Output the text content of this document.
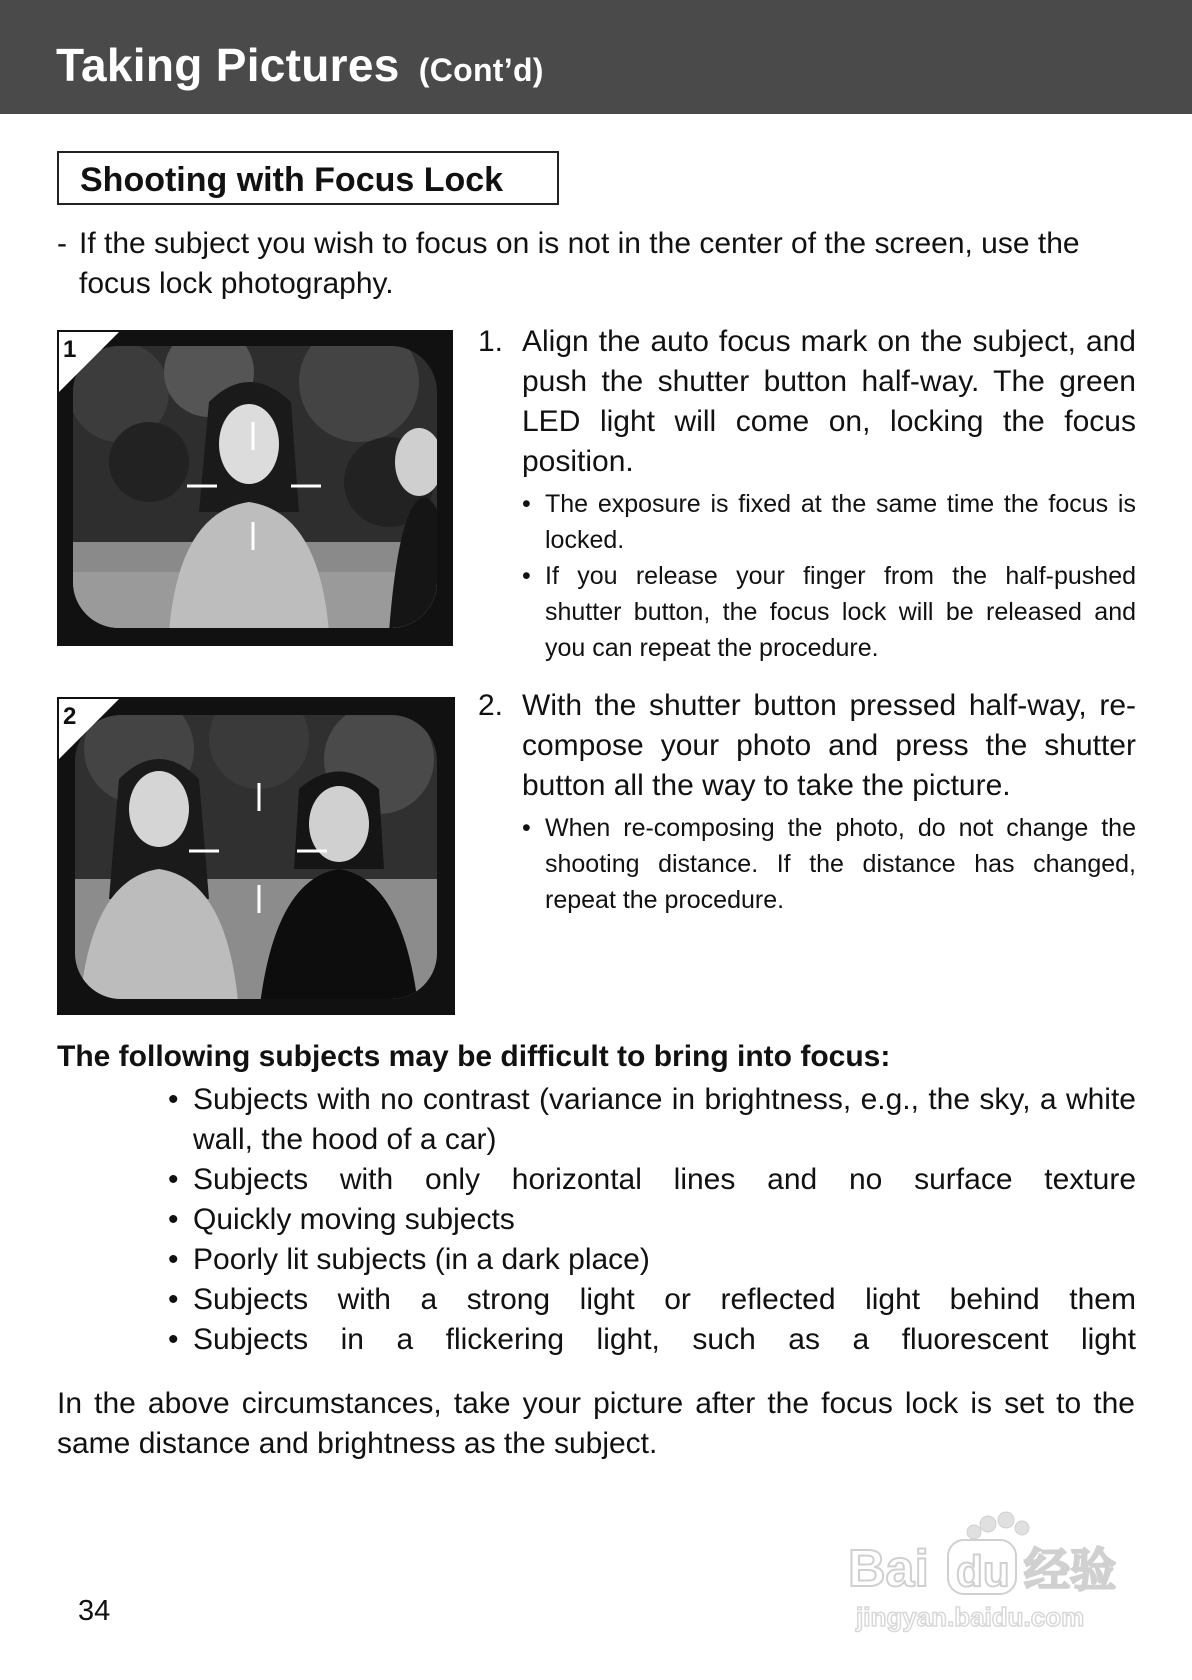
Taking Pictures (Cont’d)
Shooting with Focus Lock
- If the subject you wish to focus on is not in the center of the screen, use the focus lock photography.
1
2
1. Align the auto focus mark on the subject, and push the shutter button half-way. The green LED light will come on, locking the focus position.
• The exposure is fixed at the same time the focus is locked.
• If you release your finger from the half-pushed shutter button, the focus lock will be released and you can repeat the procedure.
2. With the shutter button pressed half-way, re-compose your photo and press the shutter button all the way to take the picture.
• When re-composing the photo, do not change the shooting distance. If the distance has changed, repeat the procedure.
The following subjects may be difficult to bring into focus:
• Subjects with no contrast (variance in brightness, e.g., the sky, a white wall, the hood of a car)
• Subjects with only horizontal lines and no surface texture
• Quickly moving subjects
• Poorly lit subjects (in a dark place)
• Subjects with a strong light or reflected light behind them
• Subjects in a flickering light, such as a fluorescent light
In the above circumstances, take your picture after the focus lock is set to the same distance and brightness as the subject.
34
Bai du 经验
jingyan.baidu.com
